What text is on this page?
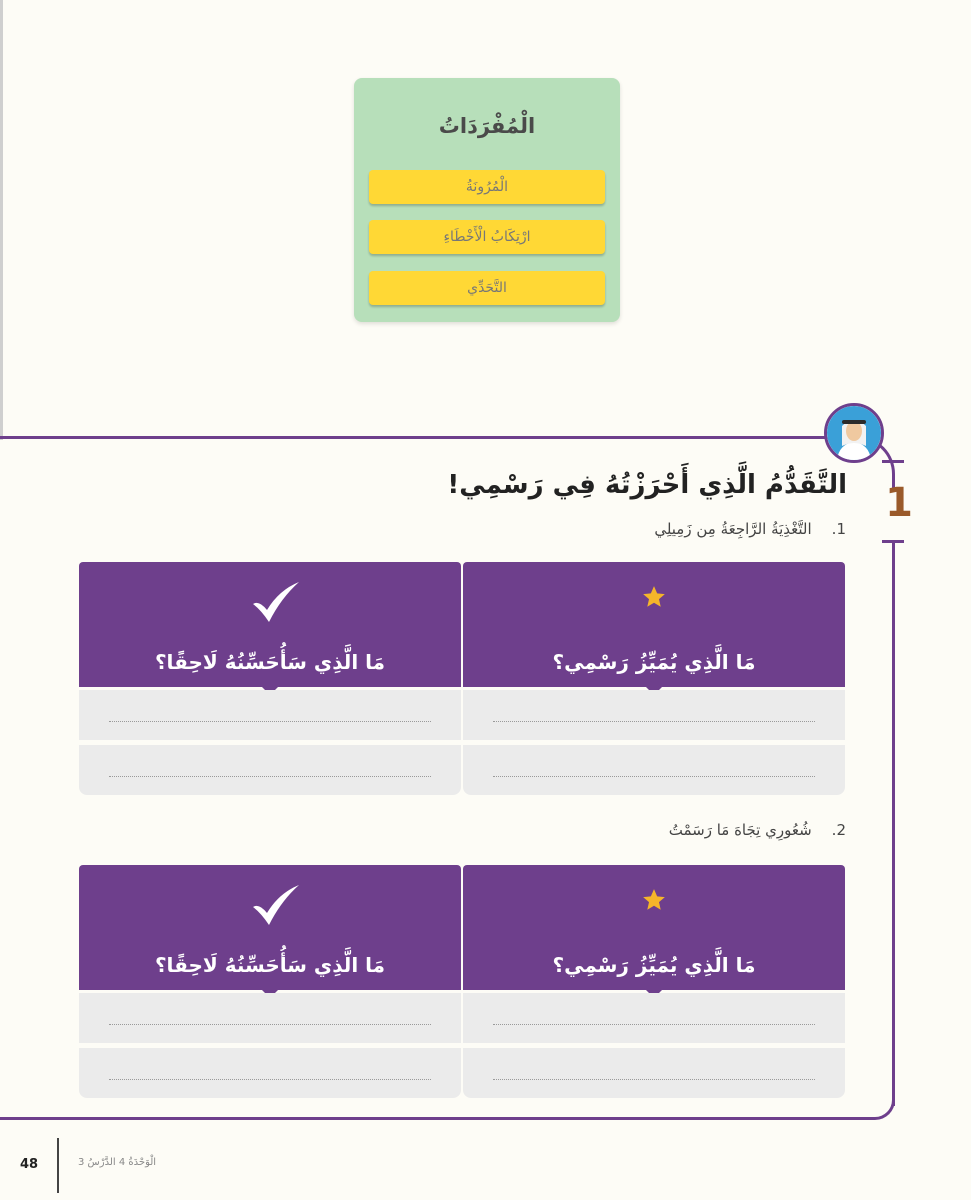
الْمُفْرَدَاتُ
الْمُرُونَةُ
ارْتِكَابُ الْأَخْطَاءِ
التَّحَدِّي
1
التَّقَدُّمُ الَّذِي أَحْرَزْتُهُ فِي رَسْمِي!
1.التَّغْذِيَةُ الرَّاجِعَةُ مِن زَمِيلِي
مَا الَّذِي يُمَيِّزُ رَسْمِي؟
مَا الَّذِي سَأُحَسِّنُهُ لَاحِقًا؟
2.شُعُورِي تِجَاهَ مَا رَسَمْتُ
مَا الَّذِي يُمَيِّزُ رَسْمِي؟
مَا الَّذِي سَأُحَسِّنُهُ لَاحِقًا؟
48	الْوَحْدَةُ 4 الدَّرْسُ 3
